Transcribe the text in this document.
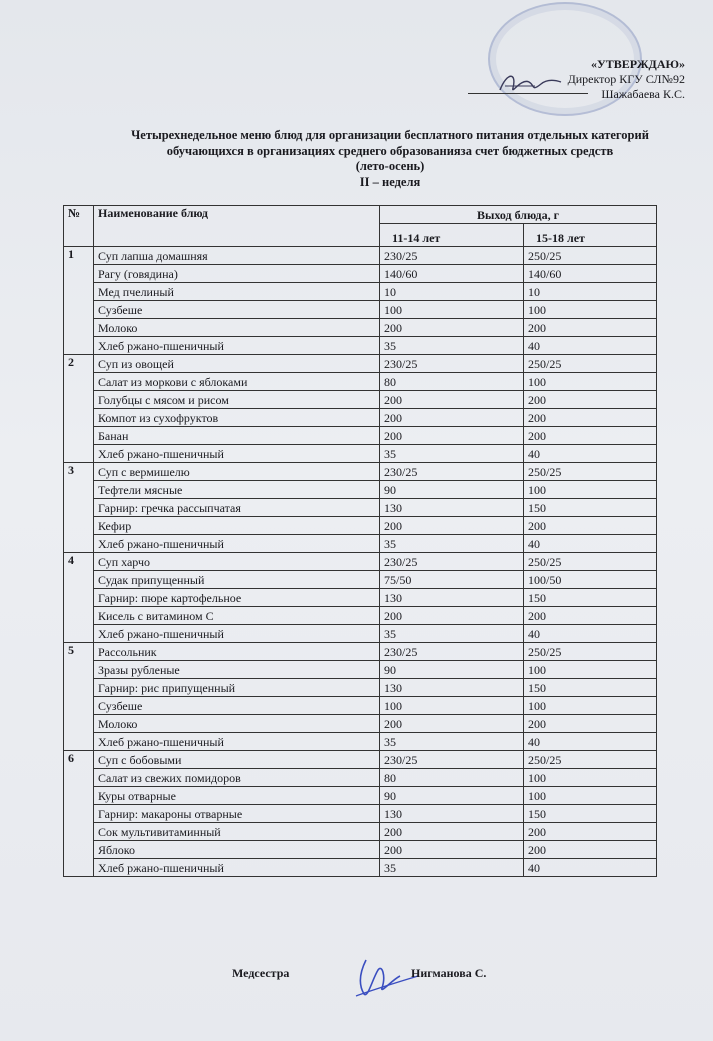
«УТВЕРЖДАЮ»
Директор КГУ СЛ№92
Шажабаева К.С.
Четырехнедельное меню блюд для организации бесплатного питания отдельных категорий
обучающихся в организациях среднего образованияза счет бюджетных средств
(лето-осень)
II – неделя
№	Наименование блюд	Выход блюда, г	
		11-14 лет	15-18 лет
1	Суп лапша домашняя	230/25	250/25
	Рагу (говядина)	140/60	140/60
	Мед пчелиный	10	10
	Сузбеше	100	100
	Молоко	200	200
	Хлеб ржано-пшеничный	35	40
2	Суп из овощей	230/25	250/25
	Салат из моркови с яблоками	80	100
	Голубцы с мясом и рисом	200	200
	Компот из сухофруктов	200	200
	Банан	200	200
	Хлеб ржано-пшеничный	35	40
3	Суп с вермишелю	230/25	250/25
	Тефтели мясные	90	100
	Гарнир: гречка рассыпчатая	130	150
	Кефир	200	200
	Хлеб ржано-пшеничный	35	40
4	Суп харчо	230/25	250/25
	Судак припущенный	75/50	100/50
	Гарнир: пюре картофельное	130	150
	Кисель с витамином С	200	200
	Хлеб ржано-пшеничный	35	40
5	Рассольник	230/25	250/25
	Зразы рубленые	90	100
	Гарнир: рис припущенный	130	150
	Сузбеше	100	100
	Молоко	200	200
	Хлеб ржано-пшеничный	35	40
6	Суп с бобовыми	230/25	250/25
	Салат из свежих помидоров	80	100
	Куры отварные	90	100
	Гарнир: макароны отварные	130	150
	Сок мультивитаминный	200	200
	Яблоко	200	200
	Хлеб ржано-пшеничный	35	40
Медсестра	Нигманова С.
